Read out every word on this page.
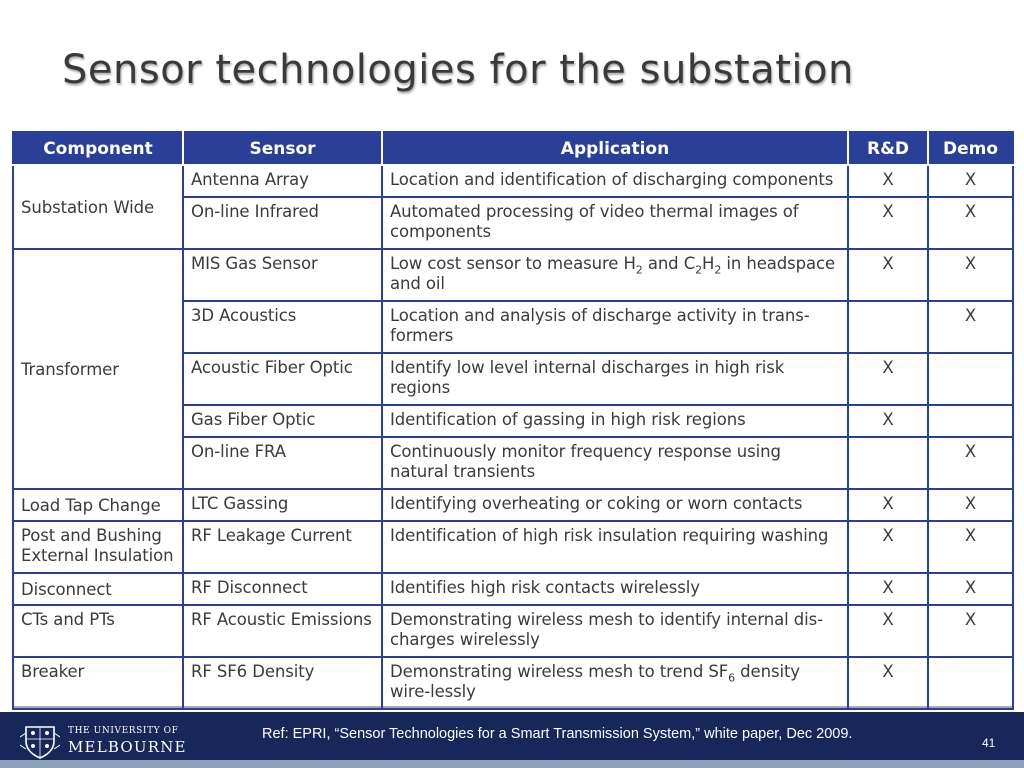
Sensor technologies for the substation
Component	Sensor	Application	R&D	Demo
Substation Wide	Antenna Array	Location and identification of discharging components	X	X
	On-line Infrared	Automated processing of video thermal images of components	X	X
Transformer	MIS Gas Sensor	Low cost sensor to measure $H_2$ and $C_2H_2$ in headspace and oil	X	X
	3D Acoustics	Location and analysis of discharge activity in trans-formers		X
	Acoustic Fiber Optic	Identify low level internal discharges in high risk regions	X	
	Gas Fiber Optic	Identification of gassing in high risk regions	X	
	On-line FRA	Continuously monitor frequency response using natural transients		X
Load Tap Change	LTC Gassing	Identifying overheating or coking or worn contacts	X	X
Post and Bushing External Insulation	RF Leakage Current	Identification of high risk insulation requiring washing	X	X
Disconnect	RF Disconnect	Identifies high risk contacts wirelessly	X	X
CTs and PTs	RF Acoustic Emissions	Demonstrating wireless mesh to identify internal dis-charges wirelessly	X	X
Breaker	RF SF6 Density	Demonstrating wireless mesh to trend $SF_6$ density wire-lessly	X	
THE UNIVERSITY OF
MELBOURNE
Ref: EPRI, “Sensor Technologies for a Smart Transmission System,” white paper, Dec 2009.
41
